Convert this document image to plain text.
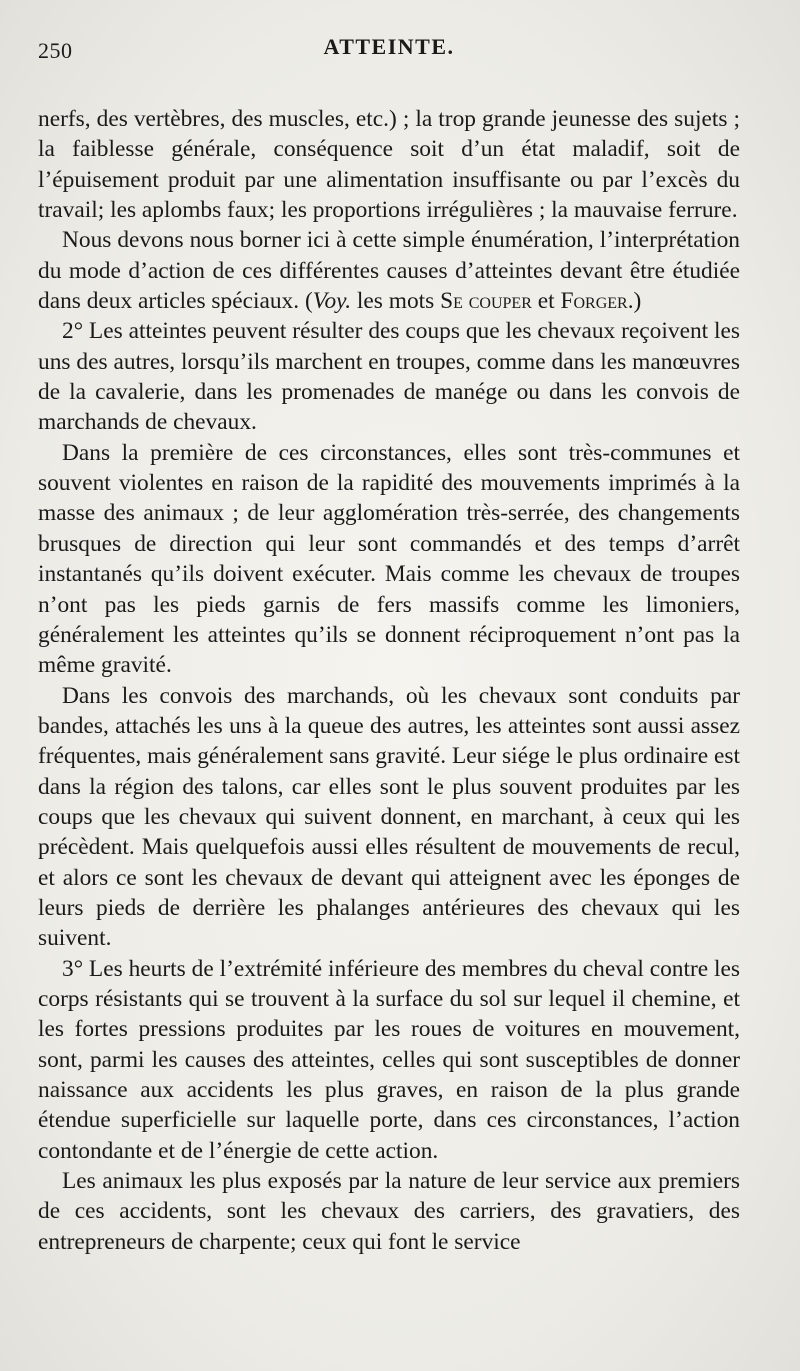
250	ATTEINTE.

nerfs, des vertèbres, des muscles, etc.) ; la trop grande jeunesse des sujets ; la faiblesse générale, conséquence soit d’un état maladif, soit de l’épuisement produit par une alimentation insuffisante ou par l’excès du travail; les aplombs faux; les proportions irrégulières ; la mauvaise ferrure.

Nous devons nous borner ici à cette simple énumération, l’interprétation du mode d’action de ces différentes causes d’atteintes devant être étudiée dans deux articles spéciaux. (Voy. les mots Se couper et Forger.)

2° Les atteintes peuvent résulter des coups que les chevaux reçoivent les uns des autres, lorsqu’ils marchent en troupes, comme dans les manœuvres de la cavalerie, dans les promenades de manége ou dans les convois de marchands de chevaux.

Dans la première de ces circonstances, elles sont très-communes et souvent violentes en raison de la rapidité des mouvements imprimés à la masse des animaux ; de leur agglomération très-serrée, des changements brusques de direction qui leur sont commandés et des temps d’arrêt instantanés qu’ils doivent exécuter. Mais comme les chevaux de troupes n’ont pas les pieds garnis de fers massifs comme les limoniers, généralement les atteintes qu’ils se donnent réciproquement n’ont pas la même gravité.

Dans les convois des marchands, où les chevaux sont conduits par bandes, attachés les uns à la queue des autres, les atteintes sont aussi assez fréquentes, mais généralement sans gravité. Leur siége le plus ordinaire est dans la région des talons, car elles sont le plus souvent produites par les coups que les chevaux qui suivent donnent, en marchant, à ceux qui les précèdent. Mais quelquefois aussi elles résultent de mouvements de recul, et alors ce sont les chevaux de devant qui atteignent avec les éponges de leurs pieds de derrière les phalanges antérieures des chevaux qui les suivent.

3° Les heurts de l’extrémité inférieure des membres du cheval contre les corps résistants qui se trouvent à la surface du sol sur lequel il chemine, et les fortes pressions produites par les roues de voitures en mouvement, sont, parmi les causes des atteintes, celles qui sont susceptibles de donner naissance aux accidents les plus graves, en raison de la plus grande étendue superficielle sur laquelle porte, dans ces circonstances, l’action contondante et de l’énergie de cette action.

Les animaux les plus exposés par la nature de leur service aux premiers de ces accidents, sont les chevaux des carriers, des gravatiers, des entrepreneurs de charpente; ceux qui font le service
